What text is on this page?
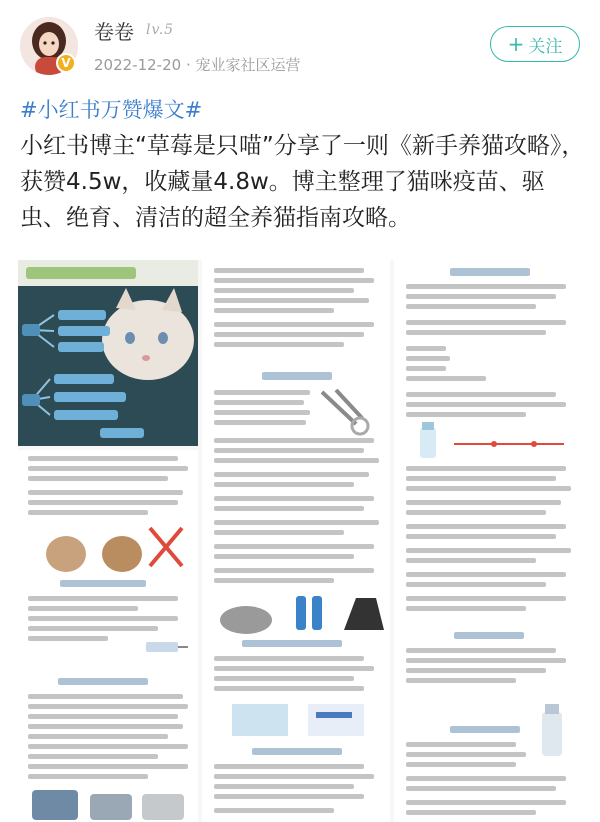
V
卷卷 lv.5
2022-12-20 · 宠业家社区运营
+ 关注
#小红书万赞爆文#

小红书博主“草莓是只喵”分享了一则《新手养猫攻略》，获赞4.5w，收藏量4.8w。博主整理了猫咪疫苗、驱虫、绝育、清洁的超全养猫指南攻略。
